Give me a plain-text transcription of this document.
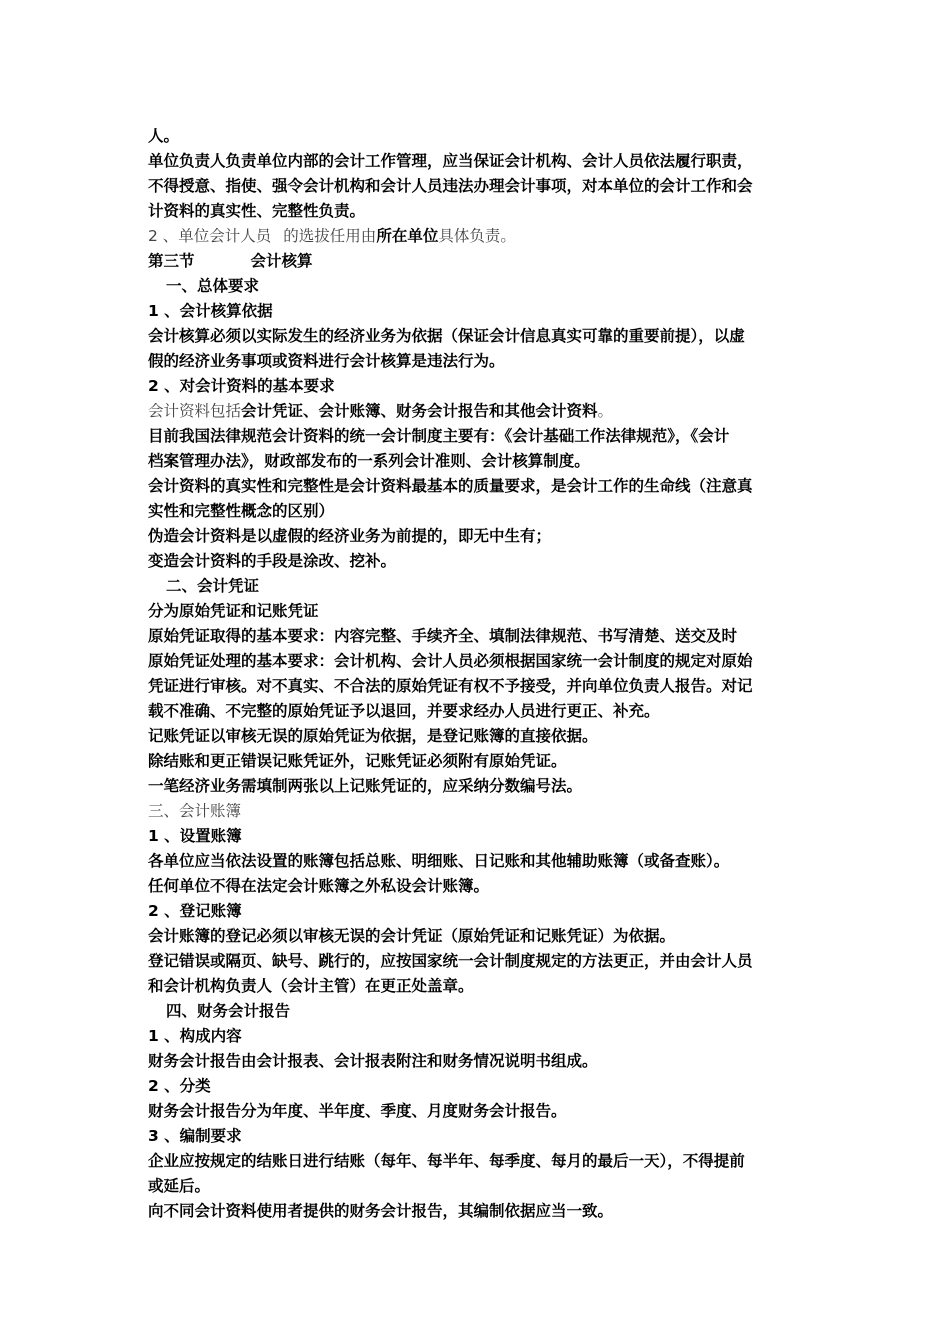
人。
单位负责人负责单位内部的会计工作管理，应当保证会计机构、会计人员依法履行职责，
不得授意、指使、强令会计机构和会计人员违法办理会计事项，对本单位的会计工作和会
计资料的真实性、完整性负责。
2 、单位会计人员 的选拔任用由所在单位具体负责。
第三节	会计核算
一、总体要求
1 、会计核算依据
会计核算必须以实际发生的经济业务为依据（保证会计信息真实可靠的重要前提），以虚
假的经济业务事项或资料进行会计核算是违法行为。
2 、对会计资料的基本要求
会计资料包括会计凭证、会计账簿、财务会计报告和其他会计资料。
目前我国法律规范会计资料的统一会计制度主要有：《会计基础工作法律规范》，《会计
档案管理办法》，财政部发布的一系列会计准则、会计核算制度。
会计资料的真实性和完整性是会计资料最基本的质量要求，是会计工作的生命线（注意真
实性和完整性概念的区别）
伪造会计资料是以虚假的经济业务为前提的，即无中生有；
变造会计资料的手段是涂改、挖补。
二、会计凭证
分为原始凭证和记账凭证
原始凭证取得的基本要求：内容完整、手续齐全、填制法律规范、书写清楚、送交及时
原始凭证处理的基本要求：会计机构、会计人员必须根据国家统一会计制度的规定对原始
凭证进行审核。对不真实、不合法的原始凭证有权不予接受，并向单位负责人报告。对记
载不准确、不完整的原始凭证予以退回，并要求经办人员进行更正、补充。
记账凭证以审核无误的原始凭证为依据，是登记账簿的直接依据。
除结账和更正错误记账凭证外，记账凭证必须附有原始凭证。
一笔经济业务需填制两张以上记账凭证的，应采纳分数编号法。
三、会计账簿
1 、设置账簿
各单位应当依法设置的账簿包括总账、明细账、日记账和其他辅助账簿（或备查账）。
任何单位不得在法定会计账簿之外私设会计账簿。
2 、登记账簿
会计账簿的登记必须以审核无误的会计凭证（原始凭证和记账凭证）为依据。
登记错误或隔页、缺号、跳行的，应按国家统一会计制度规定的方法更正，并由会计人员
和会计机构负责人（会计主管）在更正处盖章。
四、财务会计报告
1 、构成内容
财务会计报告由会计报表、会计报表附注和财务情况说明书组成。
2 、分类
财务会计报告分为年度、半年度、季度、月度财务会计报告。
3 、编制要求
企业应按规定的结账日进行结账（每年、每半年、每季度、每月的最后一天），不得提前
或延后。
向不同会计资料使用者提供的财务会计报告，其编制依据应当一致。
